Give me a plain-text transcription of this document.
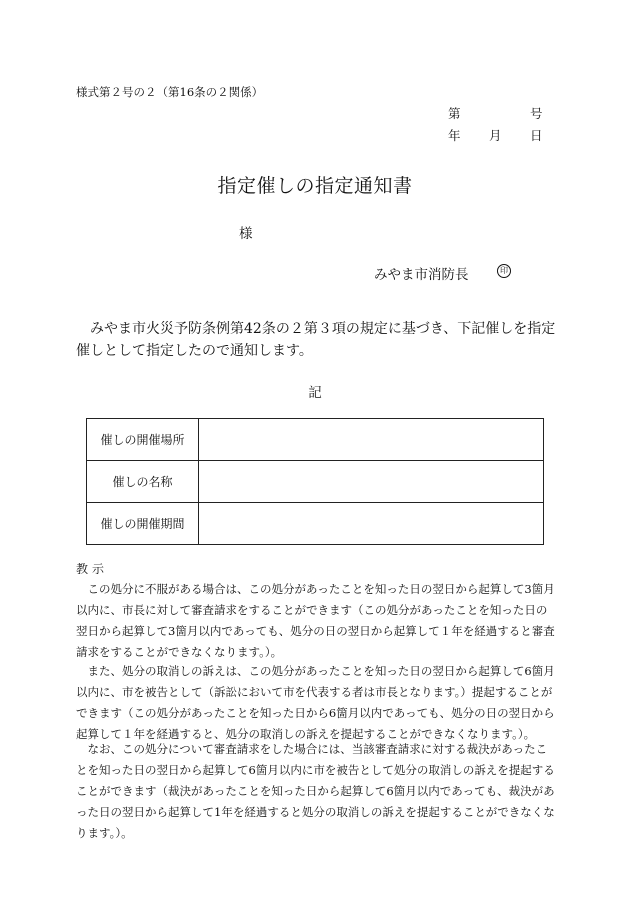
様式第２号の２（第16条の２関係）
第	号
年 月 日
指定催しの指定通知書
様
みやま市消防長	印
みやま市火災予防条例第42条の２第３項の規定に基づき、下記催しを指定催しとして指定したので通知します。
記
催しの開催場所	
催しの名称	
催しの開催期間	
教示
この処分に不服がある場合は、この処分があったことを知った日の翌日から起算して3箇月以内に、市長に対して審査請求をすることができます（この処分があったことを知った日の翌日から起算して3箇月以内であっても、処分の日の翌日から起算して１年を経過すると審査請求をすることができなくなります。）。
また、処分の取消しの訴えは、この処分があったことを知った日の翌日から起算して6箇月以内に、市を被告として（訴訟において市を代表する者は市長となります。）提起することができます（この処分があったことを知った日から6箇月以内であっても、処分の日の翌日から起算して１年を経過すると、処分の取消しの訴えを提起することができなくなります。）。
なお、この処分について審査請求をした場合には、当該審査請求に対する裁決があったことを知った日の翌日から起算して6箇月以内に市を被告として処分の取消しの訴えを提起することができます（裁決があったことを知った日から起算して6箇月以内であっても、裁決があった日の翌日から起算して1年を経過すると処分の取消しの訴えを提起することができなくなります。）。
